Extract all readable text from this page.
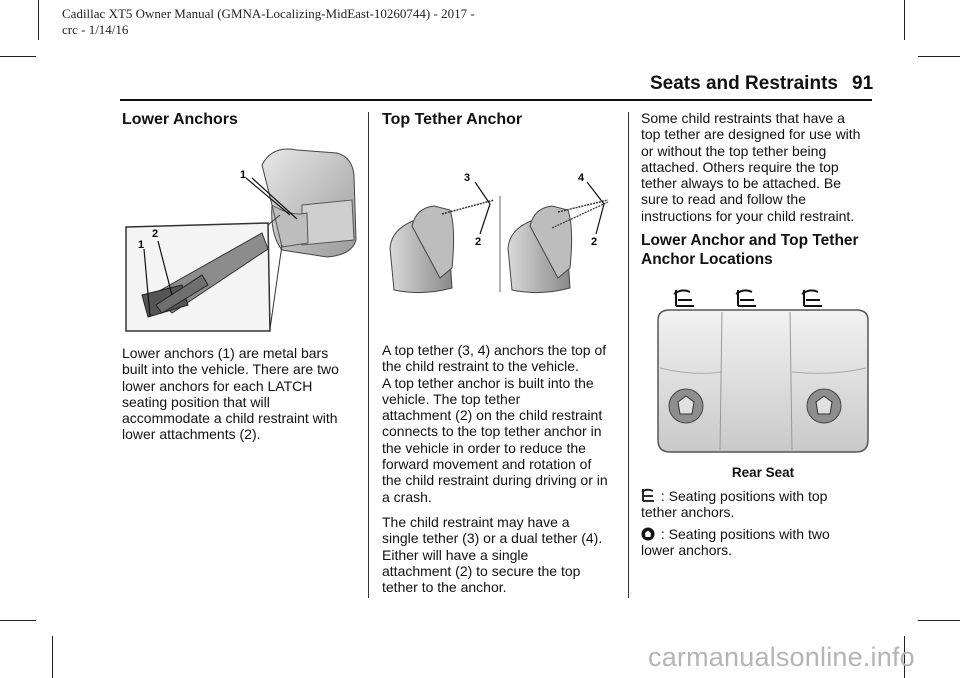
Cadillac XT5 Owner Manual (GMNA-Localizing-MidEast-10260744) - 2017 -
crc - 1/14/16
Seats and Restraints 91
Lower Anchors
1
1
2
Lower anchors (1) are metal bars
built into the vehicle. There are two
lower anchors for each LATCH
seating position that will
accommodate a child restraint with
lower attachments (2).
Top Tether Anchor
3
2
4
2

A top tether (3, 4) anchors the top of
the child restraint to the vehicle.
A top tether anchor is built into the
vehicle. The top tether
attachment (2) on the child restraint
connects to the top tether anchor in
the vehicle in order to reduce the
forward movement and rotation of
the child restraint during driving or in
a crash.

The child restraint may have a
single tether (3) or a dual tether (4).
Either will have a single
attachment (2) to secure the top
tether to the anchor.

Some child restraints that have a
top tether are designed for use with
or without the top tether being
attached. Others require the top
tether always to be attached. Be
sure to read and follow the
instructions for your child restraint.
Lower Anchor and Top Tether
Anchor Locations
Rear Seat
: Seating positions with top
tether anchors.
: Seating positions with two
lower anchors.
carmanualsonline.info
